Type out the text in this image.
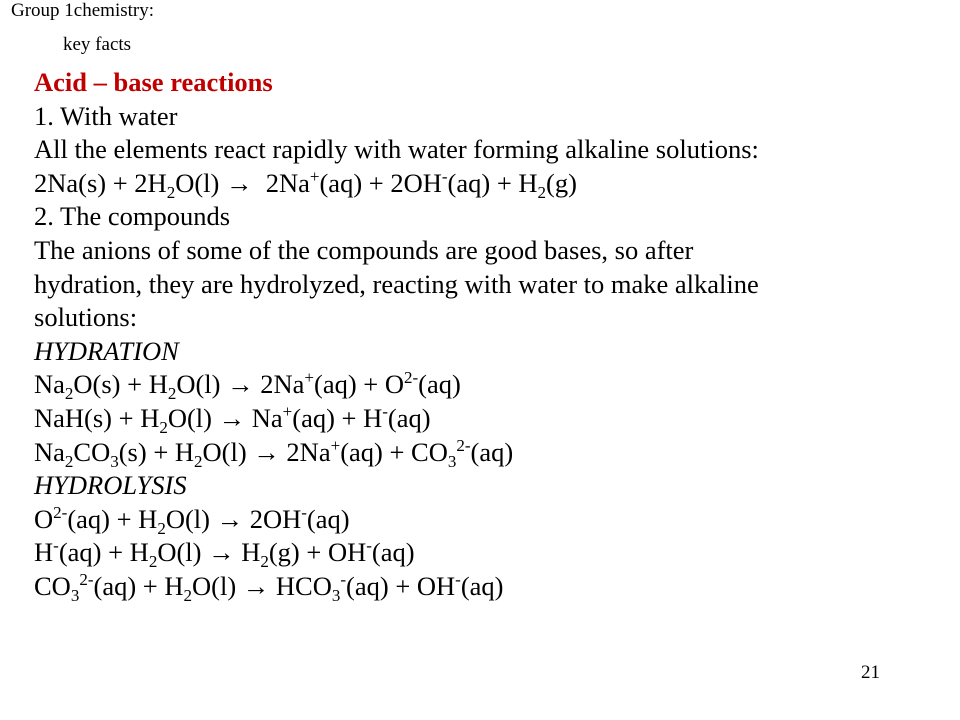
Group 1chemistry:
key facts
Acid – base reactions
1. With water
All the elements react rapidly with water forming alkaline solutions:
$2Na(s) + 2H_2O(l) \to 2Na^+(aq) + 2OH^-(aq) + H_2(g)$
2. The compounds
The anions of some of the compounds are good bases, so after
hydration, they are hydrolyzed, reacting with water to make alkaline
solutions:
HYDRATION
$Na_2O(s) + H_2O(l) \to 2Na^+(aq) + O^{2-}(aq)$
$NaH(s) + H_2O(l) \to Na^+(aq) + H^-(aq)$
$Na_2CO_3(s) + H_2O(l) \to 2Na^+(aq) + CO_3^{2-}(aq)$
HYDROLYSIS
$O^{2-}(aq) + H_2O(l) \to 2OH^-(aq)$
$H^-(aq) + H_2O(l) \to H_2(g) + OH^-(aq)$
$CO_3^{2-}(aq) + H_2O(l) \to HCO_3^-(aq) + OH^-(aq)$
21
